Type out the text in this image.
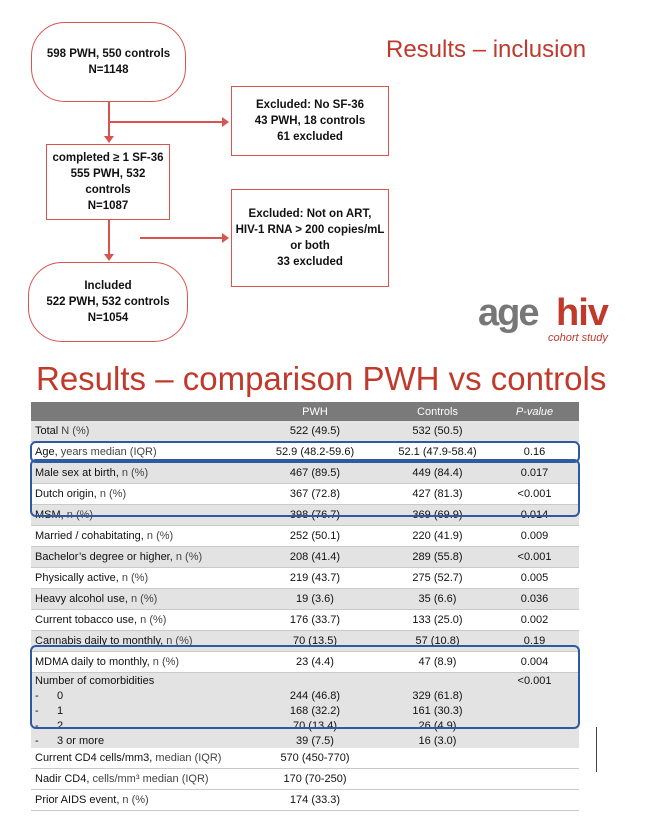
Results – inclusion
Results – comparison PWH vs controls
598 PWH, 550 controls
N=1148
Excluded: No SF-36
43 PWH, 18 controls
61 excluded
completed ≥ 1 SF-36
555 PWH, 532
controls
N=1087
Excluded: Not on ART,
HIV-1 RNA > 200 copies/mL
or both
33 excluded
Included
522 PWH, 532 controls
N=1054	age hiv
cohort study
	PWH	Controls	P-value
Total N (%)	522 (49.5)	532 (50.5)	
Age, years median (IQR)	52.9 (48.2-59.6)	52.1 (47.9-58.4)	0.16
Male sex at birth, n (%)	467 (89.5)	449 (84.4)	0.017
Dutch origin, n (%)	367 (72.8)	427 (81.3)	<0.001
MSM, n (%)	398 (76.7)	369 (69.9)	0.014
Married / cohabitating, n (%)	252 (50.1)	220 (41.9)	0.009
Bachelor’s degree or higher, n (%)	208 (41.4)	289 (55.8)	<0.001
Physically active, n (%)	219 (43.7)	275 (52.7)	0.005
Heavy alcohol use, n (%)	19 (3.6)	35 (6.6)	0.036
Current tobacco use, n (%)	176 (33.7)	133 (25.0)	0.002
Cannabis daily to monthly, n (%)	70 (13.5)	57 (10.8)	0.19
MDMA daily to monthly, n (%)	23 (4.4)	47 (8.9)	0.004
Number of comorbidities			<0.001
-      0	244 (46.8)	329 (61.8)	
-      1	168 (32.2)	161 (30.3)	
-      2	70 (13.4)	26 (4.9)	
-      3 or more	39 (7.5)	16 (3.0)	
Current CD4 cells/mm3, median (IQR)	570 (450-770)		
Nadir CD4, cells/mm³ median (IQR)	170 (70-250)		
Prior AIDS event, n (%)	174 (33.3)		
